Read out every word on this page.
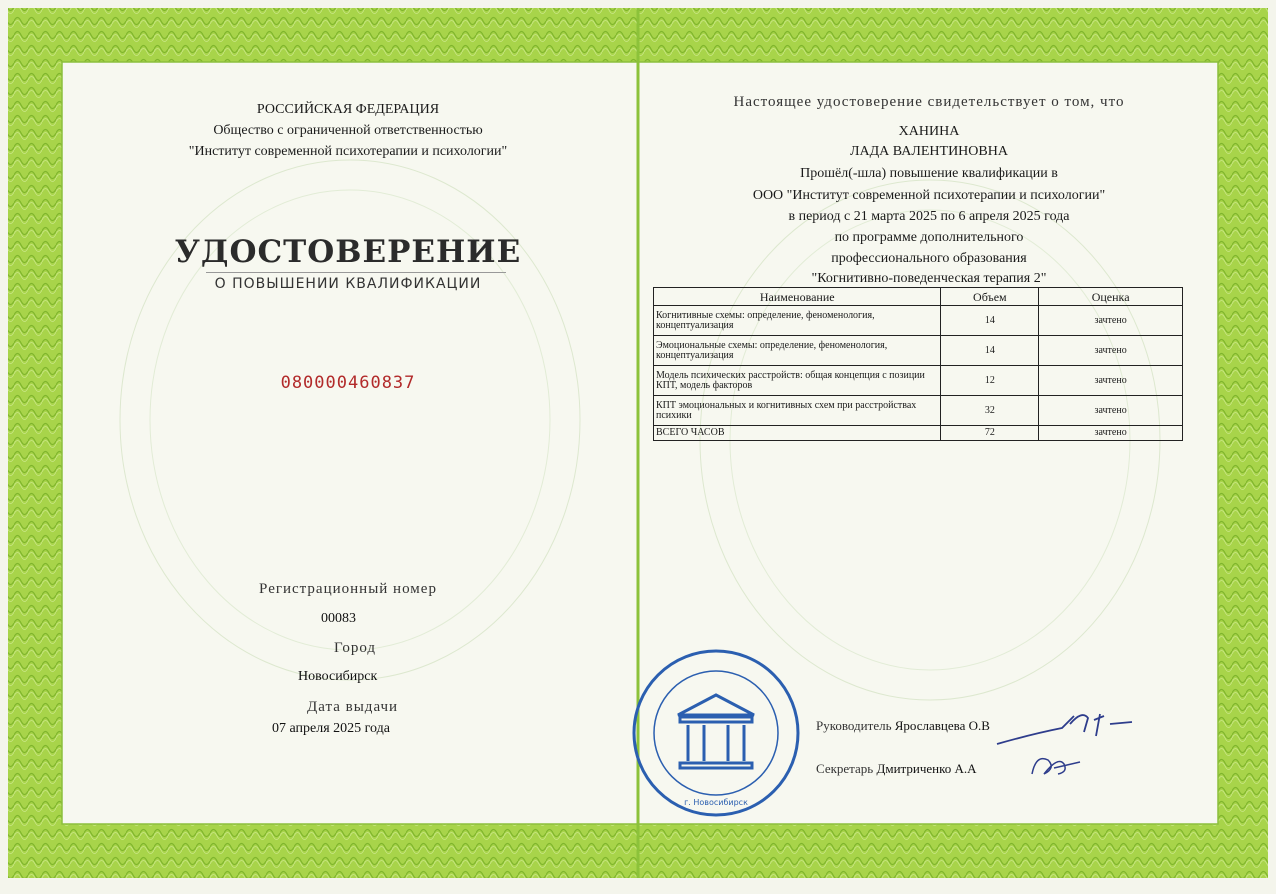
РОССИЙСКАЯ ФЕДЕРАЦИЯ
Общество с ограниченной ответственностью
"Институт современной психотерапии и психологии"
УДОСТОВЕРЕНИЕ
О ПОВЫШЕНИИ КВАЛИФИКАЦИИ
080000460837
Регистрационный номер
00083
Город
Новосибирск
Дата выдачи
07 апреля 2025 года
Настоящее удостоверение свидетельствует о том, что
ХАНИНА
ЛАДА ВАЛЕНТИНОВНА
Прошёл(-шла) повышение квалификации в
ООО "Институт современной психотерапии и психологии"
в период с 21 марта 2025 по 6 апреля 2025 года
по программе дополнительного
профессионального образования
"Когнитивно-поведенческая терапия 2"
Наименование	Объем	Оценка
Когнитивные схемы: определение, феноменология, концептуализация	14	зачтено
Эмоциональные схемы: определение, феноменология, концептуализация	14	зачтено
Модель психических расстройств: общая концепция с позиции КПТ, модель факторов	12	зачтено
КПТ эмоциональных и когнитивных схем при расстройствах психики	32	зачтено
ВСЕГО ЧАСОВ	72	зачтено
г. Новосибирск
Руководитель Ярославцева О.В
Секретарь Дмитриченко А.А
